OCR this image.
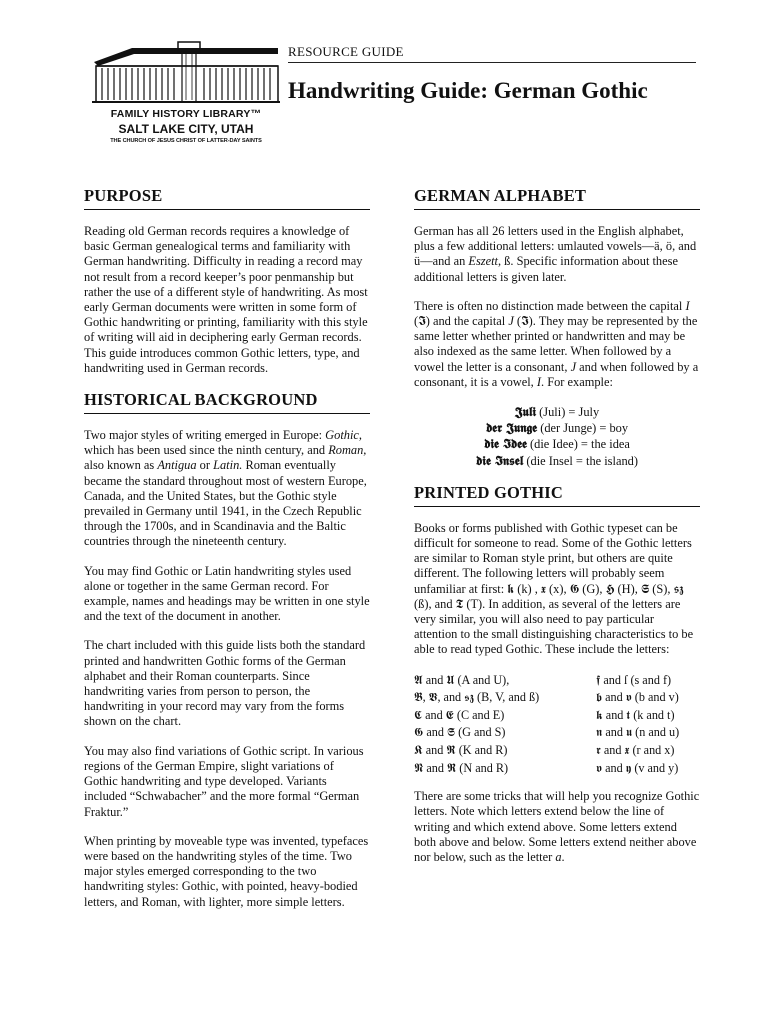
FAMILY HISTORY LIBRARY™
SALT LAKE CITY, UTAH
THE CHURCH OF JESUS CHRIST OF LATTER-DAY SAINTS
RESOURCE GUIDE
Handwriting Guide: German Gothic
PURPOSE

Reading old German records requires a knowledge of basic German genealogical terms and familiarity with German handwriting. Difficulty in reading a record may not result from a record keeper’s poor penmanship but rather the use of a different style of handwriting. As most early German documents were written in some form of Gothic handwriting or printing, familiarity with this style of writing will aid in deciphering early German records. This guide introduces common Gothic letters, type, and handwriting used in German records.

HISTORICAL BACKGROUND

Two major styles of writing emerged in Europe: Gothic, which has been used since the ninth century, and Roman, also known as Antigua or Latin. Roman eventually became the standard throughout most of western Europe, Canada, and the United States, but the Gothic style prevailed in Germany until 1941, in the Czech Republic through the 1700s, and in Scandinavia and the Baltic countries through the nineteenth century.

You may find Gothic or Latin handwriting styles used alone or together in the same German record. For example, names and headings may be written in one style and the text of the document in another.

The chart included with this guide lists both the standard printed and handwritten Gothic forms of the German alphabet and their Roman counterparts. Since handwriting varies from person to person, the handwriting in your record may vary from the forms shown on the chart.

You may also find variations of Gothic script. In various regions of the German Empire, slight variations of Gothic handwriting and type developed. Variants included “Schwabacher” and the more formal “German Fraktur.”

When printing by moveable type was invented, typefaces were based on the handwriting styles of the time. Two major styles emerged corresponding to the two handwriting styles: Gothic, with pointed, heavy-bodied letters, and Roman, with lighter, more simple letters.

GERMAN ALPHABET

German has all 26 letters used in the English alphabet, plus a few additional letters: umlauted vowels—ä, ö, and ü—and an Eszett, ß. Specific information about these additional letters is given later.

There is often no distinction made between the capital I (𝕴) and the capital J (𝕴). They may be represented by the same letter whether printed or handwritten and may be also indexed as the same letter. When followed by a vowel the letter is a consonant, J and when followed by a consonant, it is a vowel, I. For example:

𝕵𝖚𝖑𝖎 (Juli) = July
𝖉𝖊𝖗 𝕵𝖚𝖓𝖌𝖊 (der Junge) = boy
𝖉𝖎𝖊 𝕴𝖉𝖊𝖊 (die Idee) = the idea
𝖉𝖎𝖊 𝕴𝖓𝖘𝖊𝖑 (die Insel = the island)
PRINTED GOTHIC

Books or forms published with Gothic typeset can be difficult for someone to read. Some of the Gothic letters are similar to Roman style print, but others are quite different. The following letters will probably seem unfamiliar at first: 𝖐 (k) , 𝖝 (x), 𝕲 (G), 𝕳 (H), 𝕾 (S), 𝖘𝖟 (ß), and 𝕿 (T). In addition, as several of the letters are very similar, you will also need to pay particular attention to the small distinguishing characteristics to be able to read typed Gothic. These include the letters:

𝕬 and 𝖀 (A and U),
𝕭, 𝖁, and 𝖘𝖟 (B, V, and ß)
𝕮 and 𝕰 (C and E)
𝕲 and 𝕾 (G and S)
𝕶 and 𝕽 (K and R)
𝕹 and 𝕽 (N and R)
𝖋 and ſ (s and f)
𝖇 and 𝖛 (b and v)
𝖐 and 𝖙 (k and t)
𝖓 and 𝖚 (n and u)
𝖗 and 𝖝 (r and x)
𝖛 and 𝖞 (v and y)

There are some tricks that will help you recognize Gothic letters. Note which letters extend below the line of writing and which extend above. Some letters extend both above and below. Some letters extend neither above nor below, such as the letter a.
